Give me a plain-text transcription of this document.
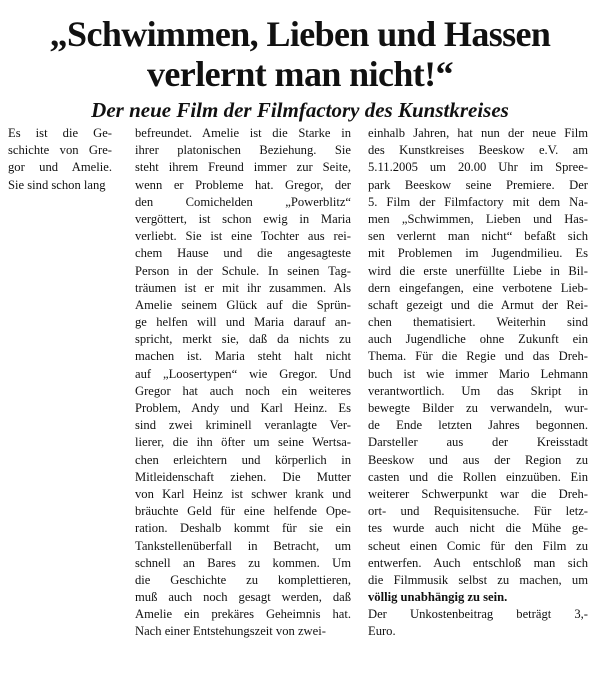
„Schwimmen, Lieben und Hassen
verlernt man nicht!“
Der neue Film der Filmfactory des Kunstkreises
Es ist die Ge-
schichte von Gre-
gor und Amelie.
Sie sind schon lang
befreundet. Amelie ist die Starke in
ihrer platonischen Beziehung. Sie
steht ihrem Freund immer zur Seite,
wenn er Probleme hat. Gregor, der
den Comichelden „Powerblitz“
vergöttert, ist schon ewig in Maria
verliebt. Sie ist eine Tochter aus rei-
chem Hause und die angesagteste
Person in der Schule. In seinen Tag-
träumen ist er mit ihr zusammen. Als
Amelie seinem Glück auf die Sprün-
ge helfen will und Maria darauf an-
spricht, merkt sie, daß da nichts zu
machen ist. Maria steht halt nicht
auf „Loosertypen“ wie Gregor. Und
Gregor hat auch noch ein weiteres
Problem, Andy und Karl Heinz. Es
sind zwei kriminell veranlagte Ver-
lierer, die ihn öfter um seine Wertsa-
chen erleichtern und körperlich in
Mitleidenschaft ziehen. Die Mutter
von Karl Heinz ist schwer krank und
bräuchte Geld für eine helfende Ope-
ration. Deshalb kommt für sie ein
Tankstellenüberfall in Betracht, um
schnell an Bares zu kommen. Um
die Geschichte zu komplettieren,
muß auch noch gesagt werden, daß
Amelie ein prekäres Geheimnis hat.
Nach einer Entstehungszeit von zwei-
einhalb Jahren, hat nun der neue Film
des Kunstkreises Beeskow e.V. am
5.11.2005 um 20.00 Uhr im Spree-
park Beeskow seine Premiere. Der
5. Film der Filmfactory mit dem Na-
men „Schwimmen, Lieben und Has-
sen verlernt man nicht“ befaßt sich
mit Problemen im Jugendmilieu. Es
wird die erste unerfüllte Liebe in Bil-
dern eingefangen, eine verbotene Lieb-
schaft gezeigt und die Armut der Rei-
chen thematisiert. Weiterhin sind
auch Jugendliche ohne Zukunft ein
Thema. Für die Regie und das Dreh-
buch ist wie immer Mario Lehmann
verantwortlich. Um das Skript in
bewegte Bilder zu verwandeln, wur-
de Ende letzten Jahres begonnen.
Darsteller aus der Kreisstadt
Beeskow und aus der Region zu
casten und die Rollen einzuüben. Ein
weiterer Schwerpunkt war die Dreh-
ort- und Requisitensuche. Für letz-
tes wurde auch nicht die Mühe ge-
scheut einen Comic für den Film zu
entwerfen. Auch entschloß man sich
die Filmmusik selbst zu machen, um
völlig unabhängig zu sein.
Der Unkostenbeitrag beträgt 3,-
Euro.
